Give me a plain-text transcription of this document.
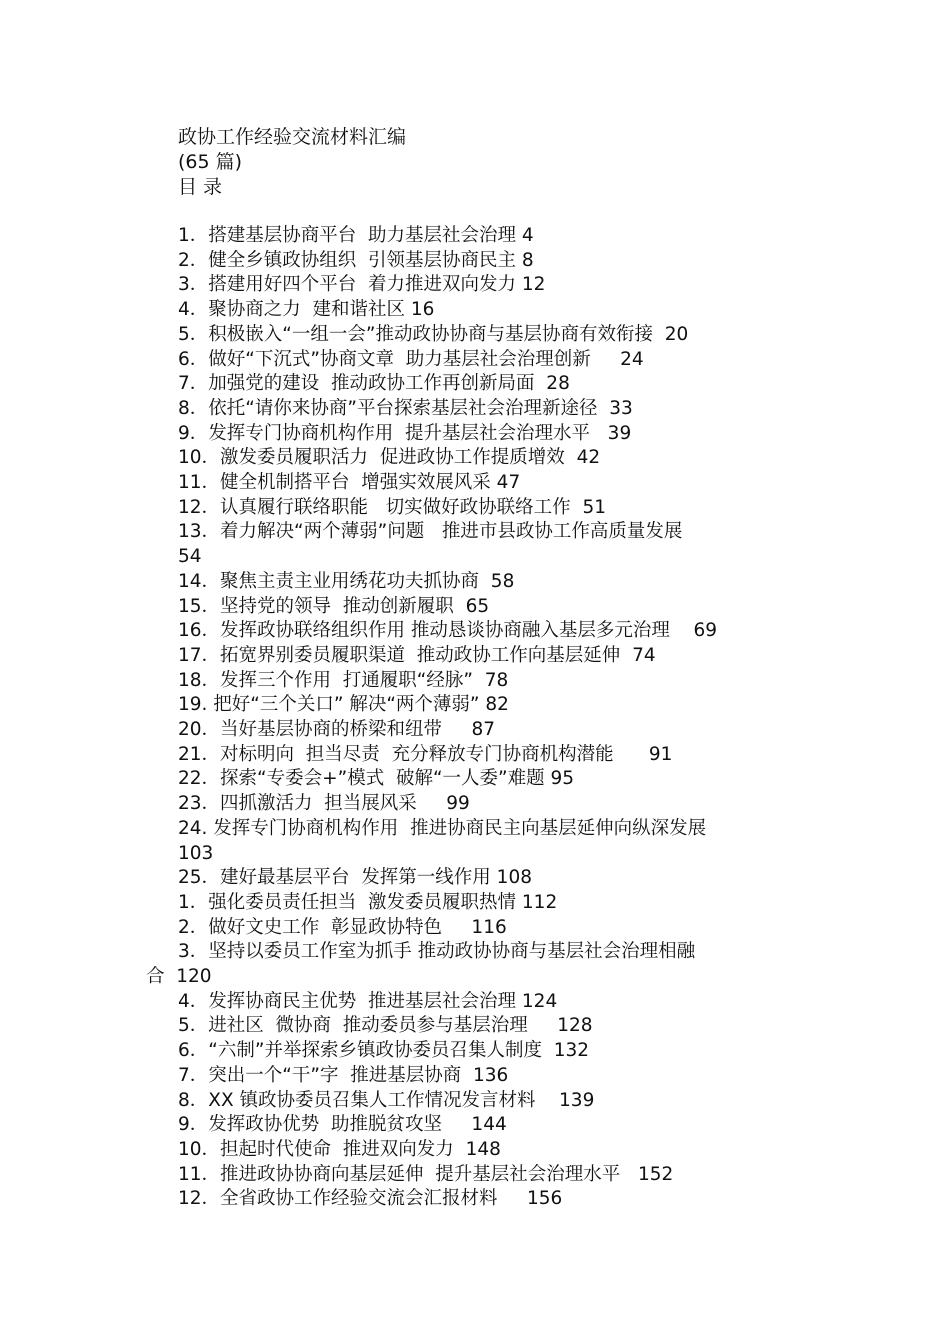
政协工作经验交流材料汇编
(65 篇)
目 录
1．搭建基层协商平台  助力基层社会治理 4
2．健全乡镇政协组织  引领基层协商民主 8
3．搭建用好四个平台  着力推进双向发力 12
4．聚协商之力  建和谐社区 16
5．积极嵌入“一组一会”推动政协协商与基层协商有效衔接  20
6．做好“下沉式”协商文章  助力基层社会治理创新     24
7．加强党的建设  推动政协工作再创新局面  28
8．依托“请你来协商”平台探索基层社会治理新途径  33
9．发挥专门协商机构作用  提升基层社会治理水平   39
10．激发委员履职活力  促进政协工作提质增效  42
11．健全机制搭平台  增强实效展风采 47
12．认真履行联络职能   切实做好政协联络工作  51
13．着力解决“两个薄弱”问题   推进市县政协工作高质量发展
54
14．聚焦主责主业用绣花功夫抓协商  58
15．坚持党的领导  推动创新履职  65
16．发挥政协联络组织作用 推动恳谈协商融入基层多元治理    69
17．拓宽界别委员履职渠道  推动政协工作向基层延伸  74
18．发挥三个作用  打通履职“经脉”  78
19. 把好“三个关口” 解决“两个薄弱” 82
20．当好基层协商的桥梁和纽带     87
21．对标明向  担当尽责  充分释放专门协商机构潜能      91
22．探索“专委会+”模式  破解“一人委”难题 95
23．四抓激活力  担当展风采     99
24. 发挥专门协商机构作用  推进协商民主向基层延伸向纵深发展
103
25．建好最基层平台  发挥第一线作用 108
1．强化委员责任担当  激发委员履职热情 112
2．做好文史工作  彰显政协特色     116
3．坚持以委员工作室为抓手 推动政协协商与基层社会治理相融
合  120
4．发挥协商民主优势  推进基层社会治理 124
5．进社区  微协商  推动委员参与基层治理     128
6．“六制”并举探索乡镇政协委员召集人制度  132
7．突出一个“干”字  推进基层协商  136
8．XX 镇政协委员召集人工作情况发言材料    139
9．发挥政协优势  助推脱贫攻坚     144
10．担起时代使命  推进双向发力  148
11．推进政协协商向基层延伸  提升基层社会治理水平   152
12．全省政协工作经验交流会汇报材料     156
